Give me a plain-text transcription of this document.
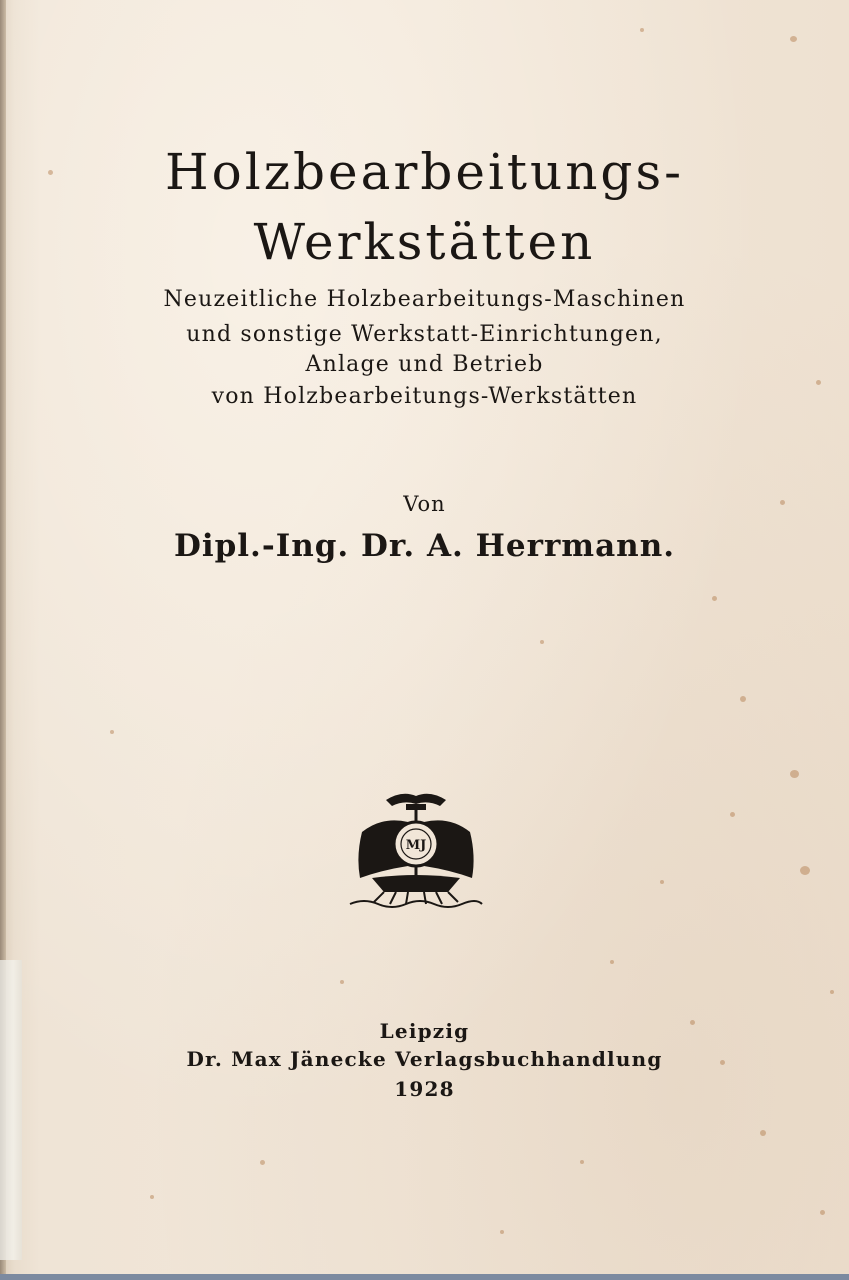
Holzbearbeitungs-
Werkstätten
Neuzeitliche Holzbearbeitungs-Maschinen
und sonstige Werkstatt-Einrichtungen,
Anlage und Betrieb
von Holzbearbeitungs-Werkstätten
Von
Dipl.-Ing. Dr. A. Herrmann.
MJ
Leipzig
Dr. Max Jänecke Verlagsbuchhandlung
1928
